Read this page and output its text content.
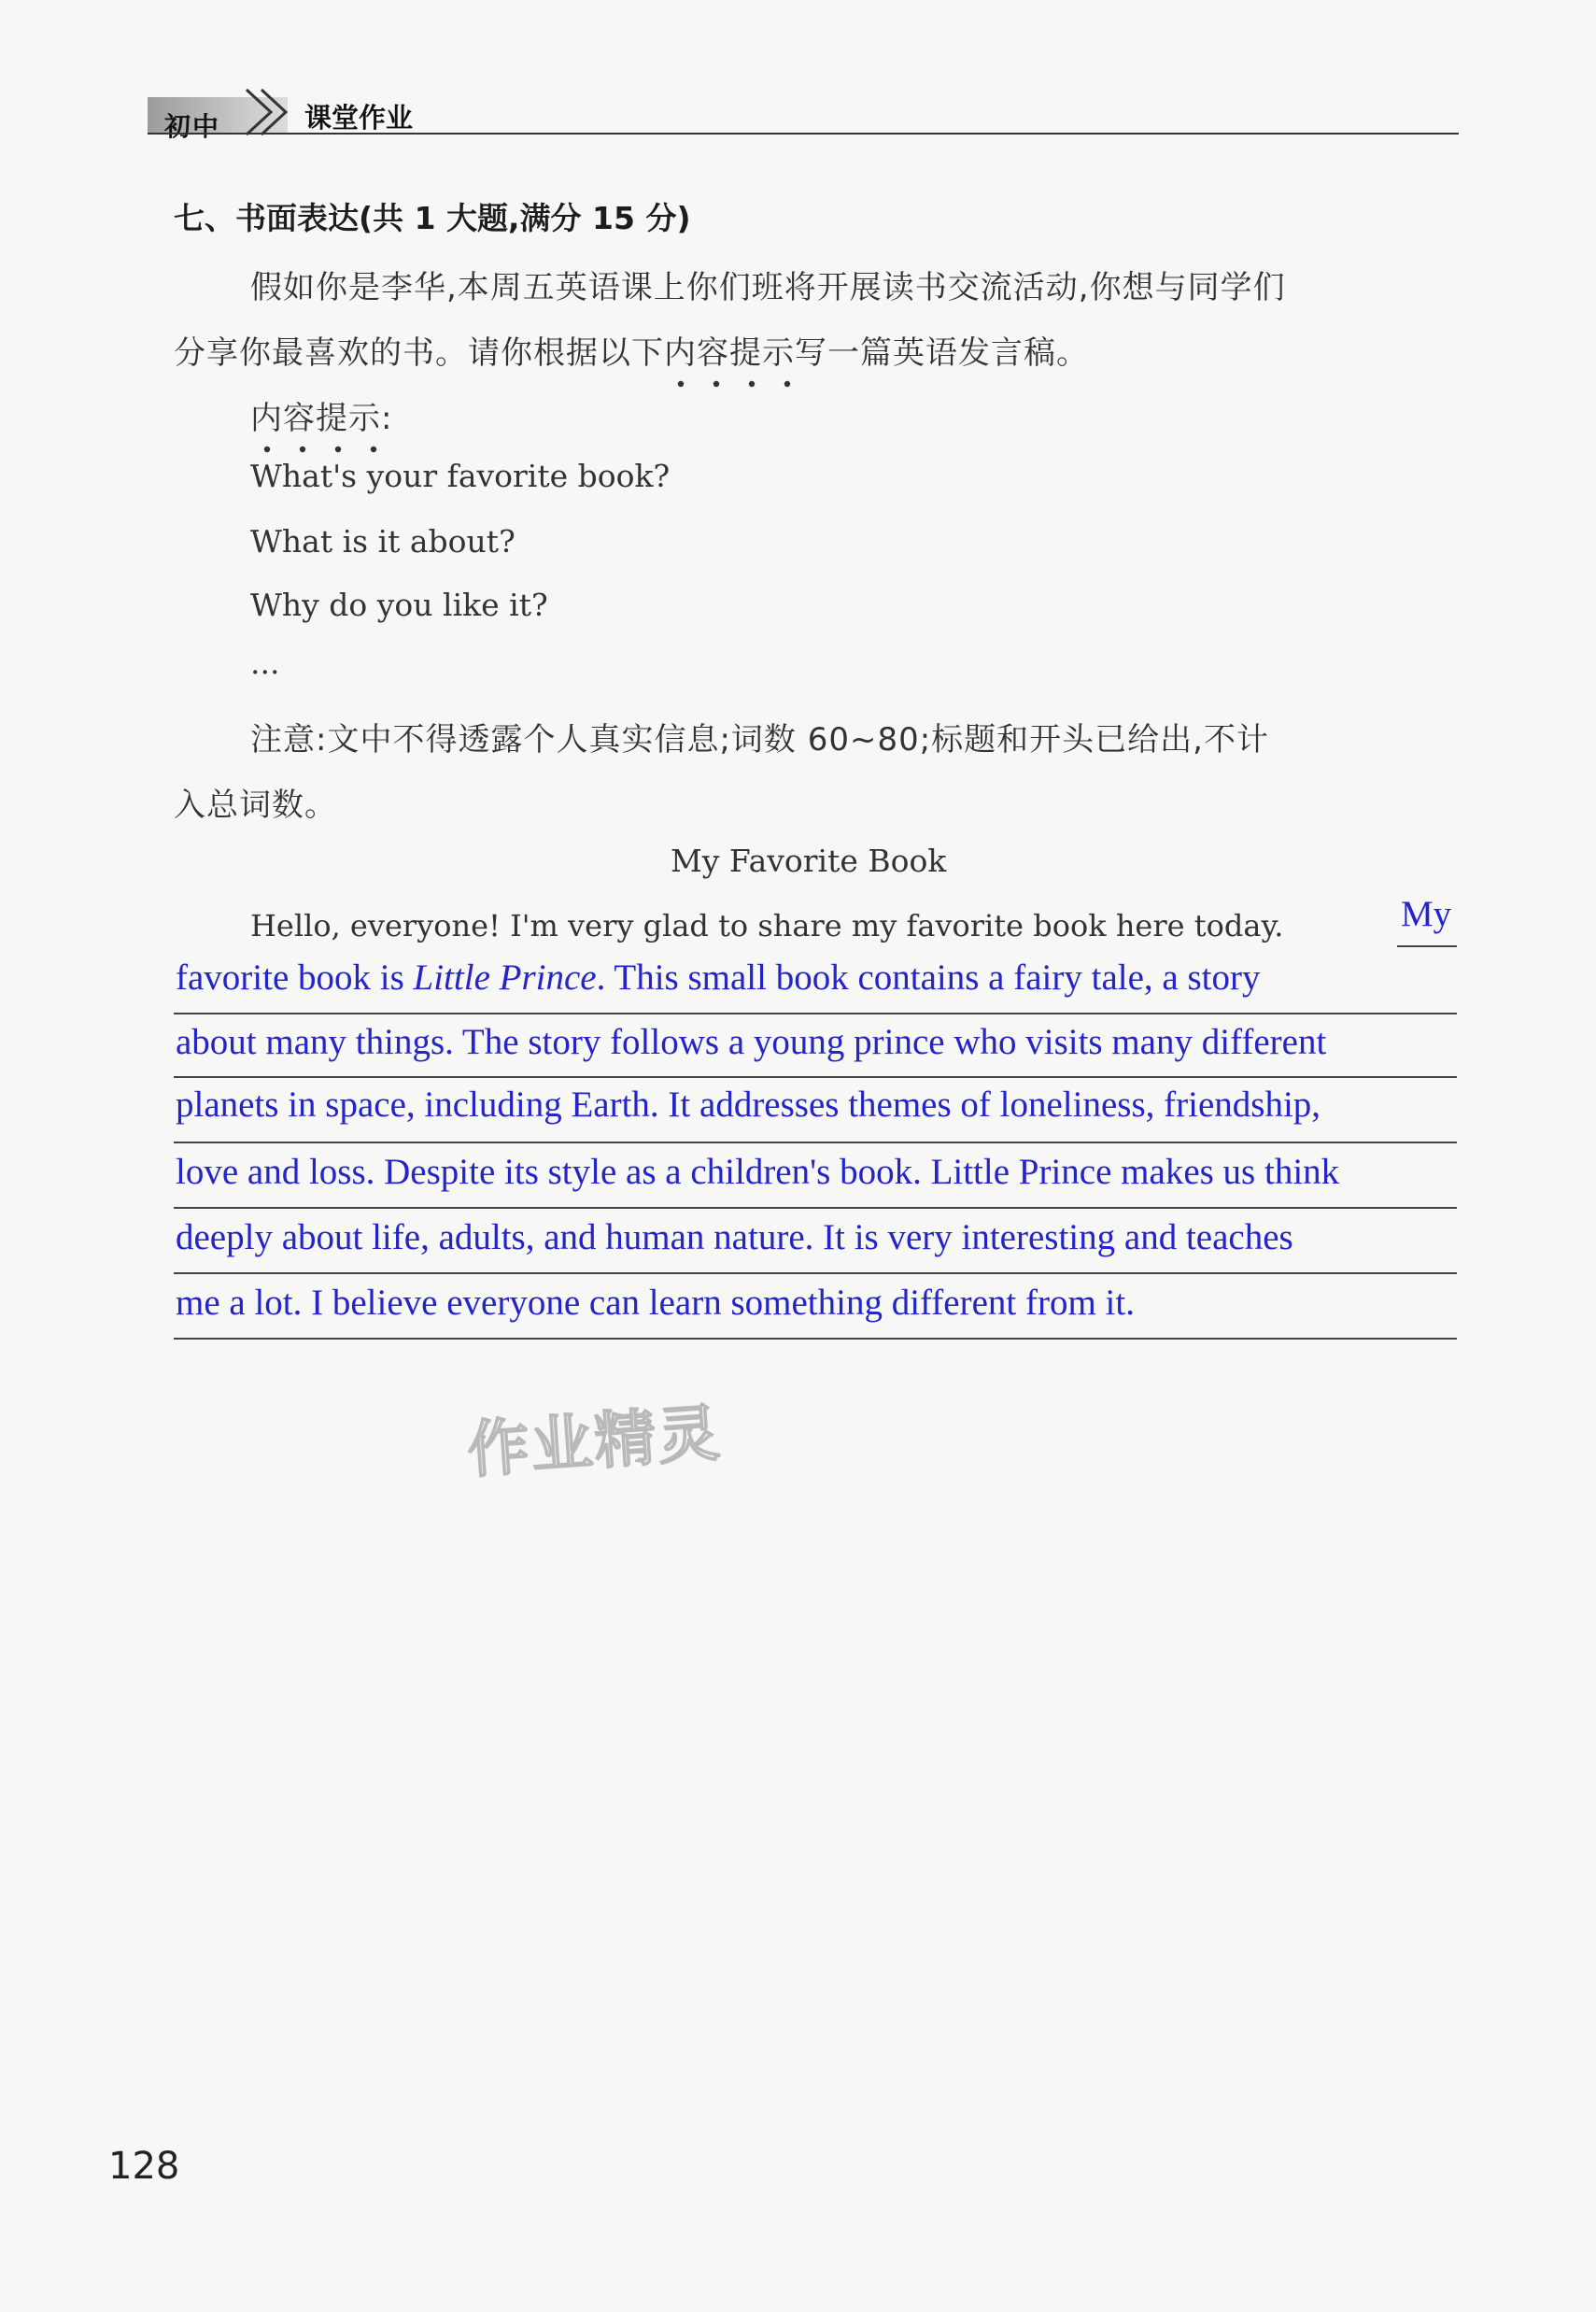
初中	课堂作业
七、书面表达(共 1 大题,满分 15 分)
假如你是李华,本周五英语课上你们班将开展读书交流活动,你想与同学们
分享你最喜欢的书。请你根据以下内容提示
写一篇英语发言稿。
内容提示
:
What's your favorite book?
What is it about?
Why do you like it?
...
注意:文中不得透露个人真实信息;词数 60~80;标题和开头已给出,不计
入总词数。
My Favorite Book
Hello, everyone! I'm very glad to share my favorite book here today.	My
favorite book is Little Prince. This small book contains a fairy tale, a story
about many things. The story follows a young prince who visits many different
planets in space, including Earth. It addresses themes of loneliness, friendship,
love and loss. Despite its style as a children's book. Little Prince makes us think
deeply about life, adults, and human nature. It is very interesting and teaches
me a lot. I believe everyone can learn something different from it.
作业精灵
128
